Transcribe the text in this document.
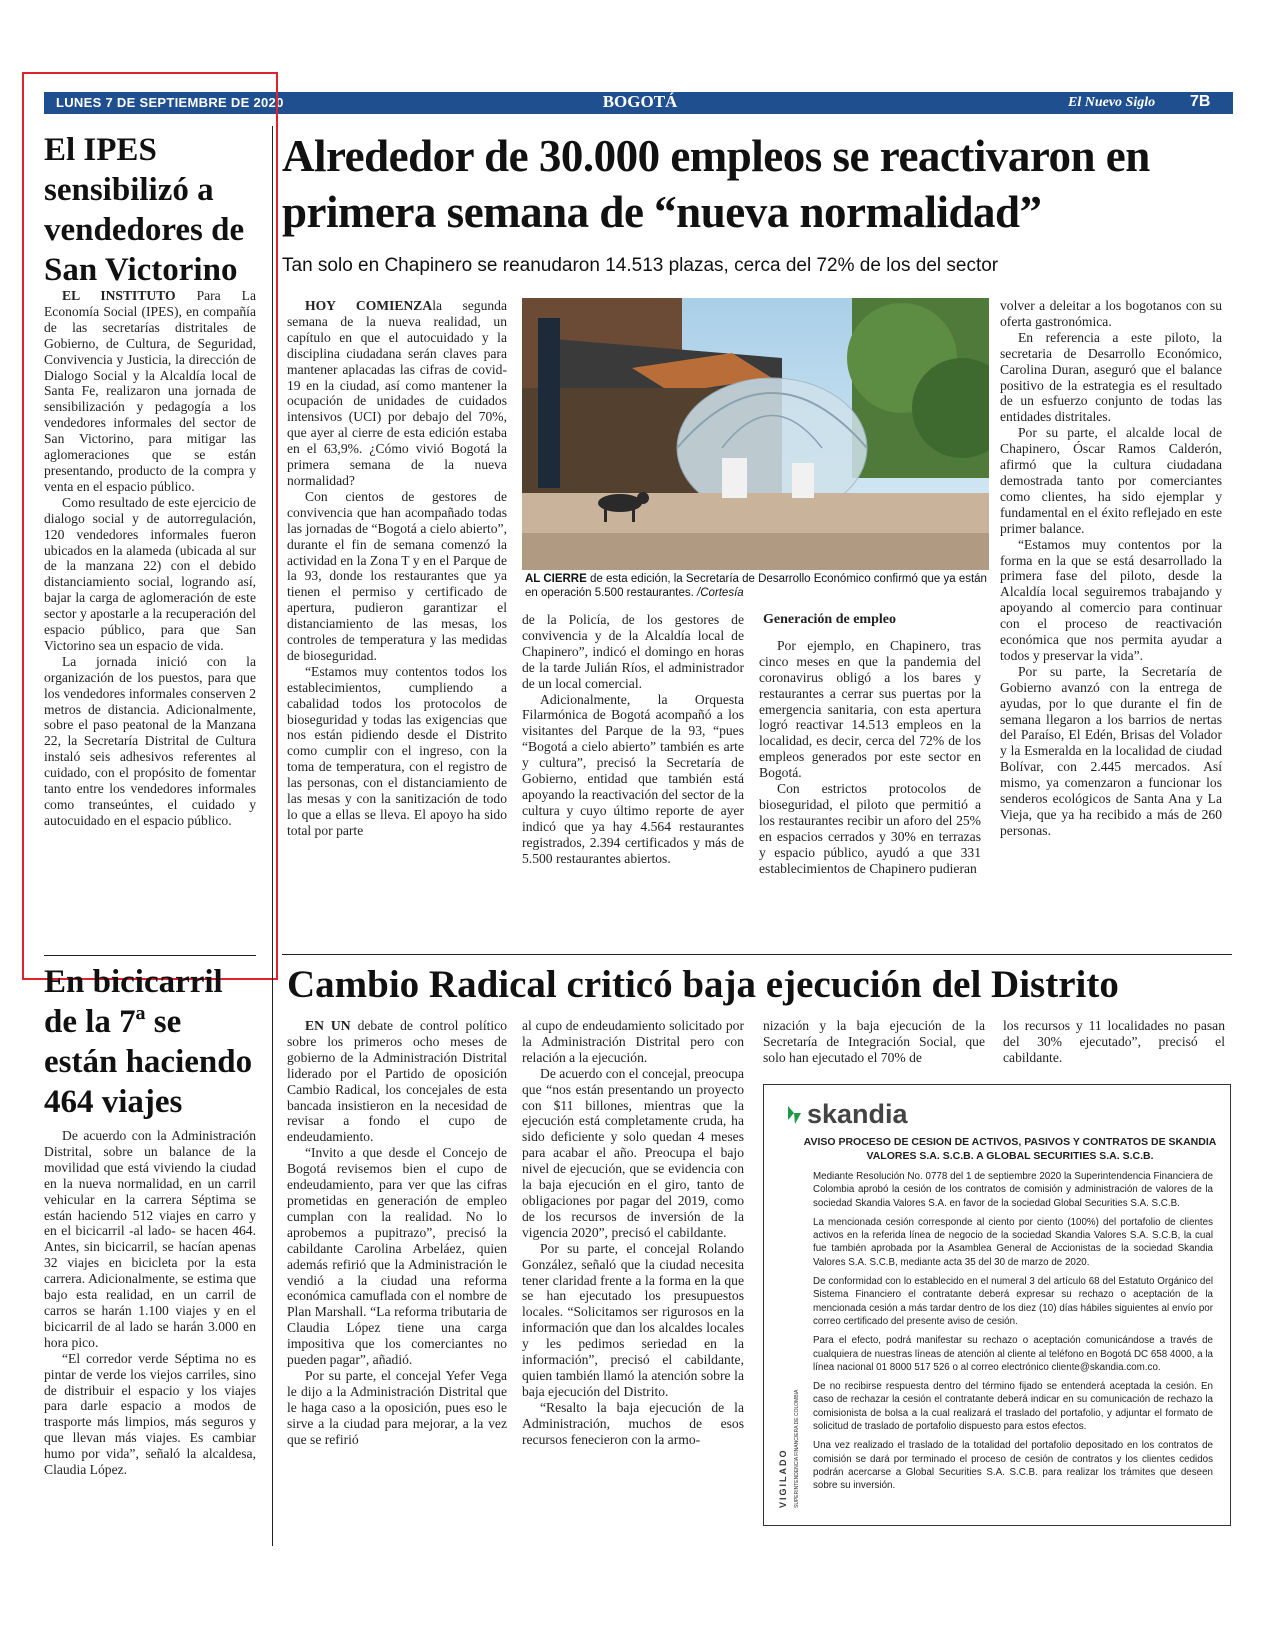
LUNES 7 DE SEPTIEMBRE DE 2020	BOGOTÁ	El Nuevo Siglo 7B
El IPES sensibilizó a vendedores de San Victorino

EL INSTITUTO Para La Economía Social (IPES), en compañía de las secretarías distritales de Gobierno, de Cultura, de Seguridad, Convivencia y Justicia, la dirección de Dialogo Social y la Alcaldía local de Santa Fe, realizaron una jornada de sensibilización y pedagogía a los vendedores informales del sector de San Victorino, para mitigar las aglomeraciones que se están presentando, producto de la compra y venta en el espacio público.

Como resultado de este ejercicio de dialogo social y de autorregulación, 120 vendedores informales fueron ubicados en la alameda (ubicada al sur de la manzana 22) con el debido distanciamiento social, logrando así, bajar la carga de aglomeración de este sector y apostarle a la recuperación del espacio público, para que San Victorino sea un espacio de vida.

La jornada inició con la organización de los puestos, para que los vendedores informales conserven 2 metros de distancia. Adicionalmente, sobre el paso peatonal de la Manzana 22, la Secretaría Distrital de Cultura instaló seis adhesivos referentes al cuidado, con el propósito de fomentar tanto entre los vendedores informales como transeúntes, el cuidado y autocuidado en el espacio público.

En bicicarril de la 7ª se están haciendo 464 viajes

De acuerdo con la Administración Distrital, sobre un balance de la movilidad que está viviendo la ciudad en la nueva normalidad, en un carril vehicular en la carrera Séptima se están haciendo 512 viajes en carro y en el bicicarril -al lado- se hacen 464. Antes, sin bicicarril, se hacían apenas 32 viajes en bicicleta por la esta carrera. Adicionalmente, se estima que bajo esta realidad, en un carril de carros se harán 1.100 viajes y en el bicicarril de al lado se harán 3.000 en hora pico.

“El corredor verde Séptima no es pintar de verde los viejos carriles, sino de distribuir el espacio y los viajes para darle espacio a modos de trasporte más limpios, más seguros y que llevan más viajes. Es cambiar humo por vida”, señaló la alcaldesa, Claudia López.

Alrededor de 30.000 empleos se reactivaron en primera semana de “nueva normalidad”
Tan solo en Chapinero se reanudaron 14.513 plazas, cerca del 72% de los del sector

HOY COMIENZAla segunda semana de la nueva realidad, un capítulo en que el autocuidado y la disciplina ciudadana serán claves para mantener aplacadas las cifras de covid-19 en la ciudad, así como mantener la ocupación de unidades de cuidados intensivos (UCI) por debajo del 70%, que ayer al cierre de esta edición estaba en el 63,9%. ¿Cómo vivió Bogotá la primera semana de la nueva normalidad?

Con cientos de gestores de convivencia que han acompañado todas las jornadas de “Bogotá a cielo abierto”, durante el fin de semana comenzó la actividad en la Zona T y en el Parque de la 93, donde los restaurantes que ya tienen el permiso y certificado de apertura, pudieron garantizar el distanciamiento de las mesas, los controles de temperatura y las medidas de bioseguridad.

“Estamos muy contentos todos los establecimientos, cumpliendo a cabalidad todos los protocolos de bioseguridad y todas las exigencias que nos están pidiendo desde el Distrito como cumplir con el ingreso, con la toma de temperatura, con el registro de las personas, con el distanciamiento de las mesas y con la sanitización de todo lo que a ellas se lleva. El apoyo ha sido total por parte

AL CIERRE de esta edición, la Secretaría de Desarrollo Económico confirmó que ya están en operación 5.500 restaurantes. /Cortesía

de la Policía, de los gestores de convivencia y de la Alcaldía local de Chapinero”, indicó el domingo en horas de la tarde Julián Ríos, el administrador de un local comercial.

Adicionalmente, la Orquesta Filarmónica de Bogotá acompañó a los visitantes del Parque de la 93, “pues “Bogotá a cielo abierto” también es arte y cultura”, precisó la Secretaría de Gobierno, entidad que también está apoyando la reactivación del sector de la cultura y cuyo último reporte de ayer indicó que ya hay 4.564 restaurantes registrados, 2.394 certificados y más de 5.500 restaurantes abiertos.

Generación de empleo

Por ejemplo, en Chapinero, tras cinco meses en que la pandemia del coronavirus obligó a los bares y restaurantes a cerrar sus puertas por la emergencia sanitaria, con esta apertura logró reactivar 14.513 empleos en la localidad, es decir, cerca del 72% de los empleos generados por este sector en Bogotá.

Con estrictos protocolos de bioseguridad, el piloto que permitió a los restaurantes recibir un aforo del 25% en espacios cerrados y 30% en terrazas y espacio público, ayudó a que 331 establecimientos de Chapinero pudieran

volver a deleitar a los bogotanos con su oferta gastronómica.

En referencia a este piloto, la secretaria de Desarrollo Económico, Carolina Duran, aseguró que el balance positivo de la estrategia es el resultado de un esfuerzo conjunto de todas las entidades distritales.

Por su parte, el alcalde local de Chapinero, Óscar Ramos Calderón, afirmó que la cultura ciudadana demostrada tanto por comerciantes como clientes, ha sido ejemplar y fundamental en el éxito reflejado en este primer balance.

“Estamos muy contentos por la forma en la que se está desarrollado la primera fase del piloto, desde la Alcaldía local seguiremos trabajando y apoyando al comercio para continuar con el proceso de reactivación económica que nos permita ayudar a todos y preservar la vida”.

Por su parte, la Secretaría de Gobierno avanzó con la entrega de ayudas, por lo que durante el fin de semana llegaron a los barrios de nertas del Paraíso, El Edén, Brisas del Volador y la Esmeralda en la localidad de ciudad Bolívar, con 2.445 mercados. Así mismo, ya comenzaron a funcionar los senderos ecológicos de Santa Ana y La Vieja, que ya ha recibido a más de 260 personas.

Cambio Radical criticó baja ejecución del Distrito

EN UN debate de control político sobre los primeros ocho meses de gobierno de la Administración Distrital liderado por el Partido de oposición Cambio Radical, los concejales de esta bancada insistieron en la necesidad de revisar a fondo el cupo de endeudamiento.

“Invito a que desde el Concejo de Bogotá revisemos bien el cupo de endeudamiento, para ver que las cifras prometidas en generación de empleo cumplan con la realidad. No lo aprobemos a pupitrazo”, precisó la cabildante Carolina Arbeláez, quien además refirió que la Administración le vendió a la ciudad una reforma económica camuflada con el nombre de Plan Marshall. “La reforma tributaria de Claudia López tiene una carga impositiva que los comerciantes no pueden pagar”, añadió.

Por su parte, el concejal Yefer Vega le dijo a la Administración Distrital que le haga caso a la oposición, pues eso le sirve a la ciudad para mejorar, a la vez que se refirió

al cupo de endeudamiento solicitado por la Administración Distrital pero con relación a la ejecución.

De acuerdo con el concejal, preocupa que “nos están presentando un proyecto con $11 billones, mientras que la ejecución está completamente cruda, ha sido deficiente y solo quedan 4 meses para acabar el año. Preocupa el bajo nivel de ejecución, que se evidencia con la baja ejecución en el giro, tanto de obligaciones por pagar del 2019, como de los recursos de inversión de la vigencia 2020”, precisó el cabildante.

Por su parte, el concejal Rolando González, señaló que la ciudad necesita tener claridad frente a la forma en la que se han ejecutado los presupuestos locales. “Solicitamos ser rigurosos en la información que dan los alcaldes locales y les pedimos seriedad en la información”, precisó el cabildante, quien también llamó la atención sobre la baja ejecución del Distrito.

“Resalto la baja ejecución de la Administración, muchos de esos recursos fenecieron con la armo-

nización y la baja ejecución de la Secretaría de Integración Social, que solo han ejecutado el 70% de

los recursos y 11 localidades no pasan del 30% ejecutado”, precisó el cabildante.

skandia
AVISO PROCESO DE CESION DE ACTIVOS, PASIVOS Y CONTRATOS DE SKANDIA VALORES S.A. S.C.B. A GLOBAL SECURITIES S.A. S.C.B.

Mediante Resolución No. 0778 del 1 de septiembre 2020 la Superintendencia Financiera de Colombia aprobó la cesión de los contratos de comisión y administración de valores de la sociedad Skandia Valores S.A. en favor de la sociedad Global Securities S.A. S.C.B.

La mencionada cesión corresponde al ciento por ciento (100%) del portafolio de clientes activos en la referida línea de negocio de la sociedad Skandia Valores S.A. S.C.B, la cual fue también aprobada por la Asamblea General de Accionistas de la sociedad Skandia Valores S.A. S.C.B, mediante acta 35 del 30 de marzo de 2020.

De conformidad con lo establecido en el numeral 3 del artículo 68 del Estatuto Orgánico del Sistema Financiero el contratante deberá expresar su rechazo o aceptación de la mencionada cesión a más tardar dentro de los diez (10) días hábiles siguientes al envío por correo certificado del presente aviso de cesión.

Para el efecto, podrá manifestar su rechazo o aceptación comunicándose a través de cualquiera de nuestras líneas de atención al cliente al teléfono en Bogotá DC 658 4000, a la línea nacional 01 8000 517 526 o al correo electrónico cliente@skandia.com.co.

De no recibirse respuesta dentro del término fijado se entenderá aceptada la cesión. En caso de rechazar la cesión el contratante deberá indicar en su comunicación de rechazo la comisionista de bolsa a la cual realizará el traslado del portafolio, y adjuntar el formato de solicitud de traslado de portafolio dispuesto para estos efectos.

Una vez realizado el traslado de la totalidad del portafolio depositado en los contratos de comisión se dará por terminado el proceso de cesión de contratos y los clientes cedidos podrán acercarse a Global Securities S.A. S.C.B. para realizar los trámites que deseen sobre su inversión.

VIGILADO SUPERINTENDENCIA FINANCIERA DE COLOMBIA
